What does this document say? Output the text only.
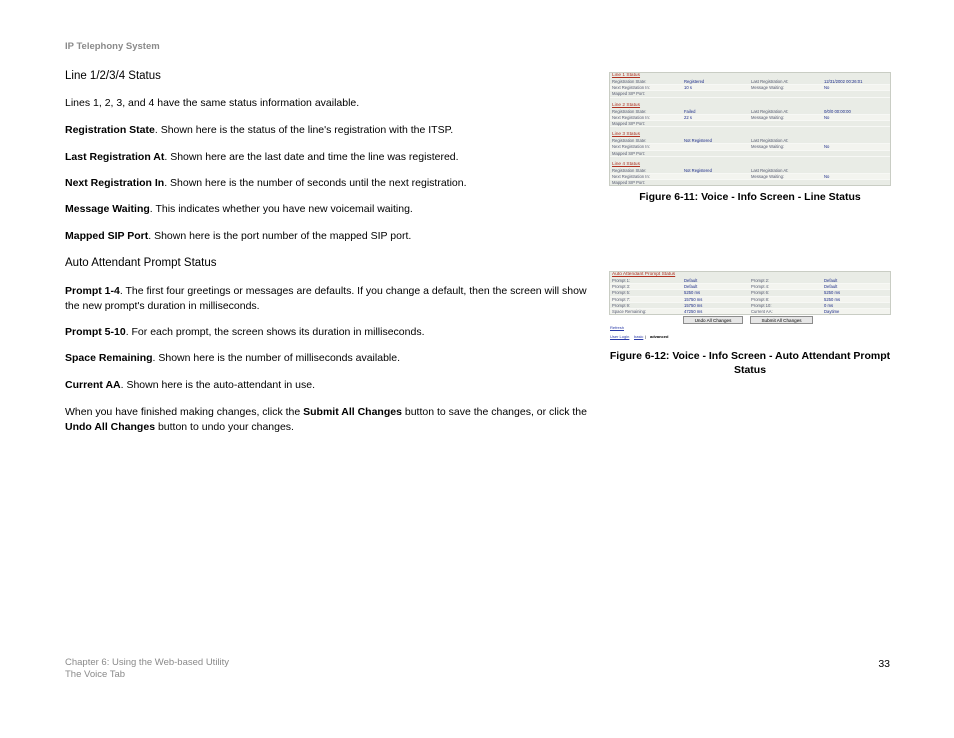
IP Telephony System
Line 1/2/3/4 Status
Lines 1, 2, 3, and 4 have the same status information available.
Registration State. Shown here is the status of the line's registration with the ITSP.
Last Registration At. Shown here are the last date and time the line was registered.
Next Registration In. Shown here is the number of seconds until the next registration.
Message Waiting. This indicates whether you have new voicemail waiting.
Mapped SIP Port. Shown here is the port number of the mapped SIP port.
Auto Attendant Prompt Status
Prompt 1-4. The first four greetings or messages are defaults. If you change a default, then the screen will show the new prompt's duration in milliseconds.
Prompt 5-10. For each prompt, the screen shows its duration in milliseconds.
Space Remaining. Shown here is the number of milliseconds available.
Current AA. Shown here is the auto-attendant in use.
When you have finished making changes, click the Submit All Changes button to save the changes, or click the Undo All Changes button to undo your changes.
Line 1 Status
Registration State:	Registered	Last Registration At:	12/31/2002 00:26:01
Next Registration In:	10 s	Message Waiting:	No
Mapped SIP Port:
Line 2 Status
Registration State:	Failed	Last Registration At:	0/0/0 00:00:00
Next Registration In:	22 s	Message Waiting:	No
Mapped SIP Port:
Line 3 Status
Registration State:	Not Registered	Last Registration At:
Next Registration In:	Message Waiting:	No
Mapped SIP Port:
Line 4 Status
Registration State:	Not Registered	Last Registration At:
Next Registration In:	Message Waiting:	No
Mapped SIP Port:
Figure 6-11: Voice - Info Screen - Line Status
Auto Attendant Prompt Status
Prompt 1:	Default	Prompt 2:	Default
Prompt 3:	Default	Prompt 4:	Default
Prompt 5:	5250 ms	Prompt 6:	5250 ms
Prompt 7:	15750 ms	Prompt 8:	5250 ms
Prompt 9:	15750 ms	Prompt 10:	0 ms
Space Remaining:	47250 ms	Current AA:	Daytime
Undo All Changes	Submit All Changes
Refresh
User Login basic | advanced
Figure 6-12: Voice - Info Screen - Auto Attendant Prompt Status
Chapter 6: Using the Web-based Utility
The Voice Tab
33
